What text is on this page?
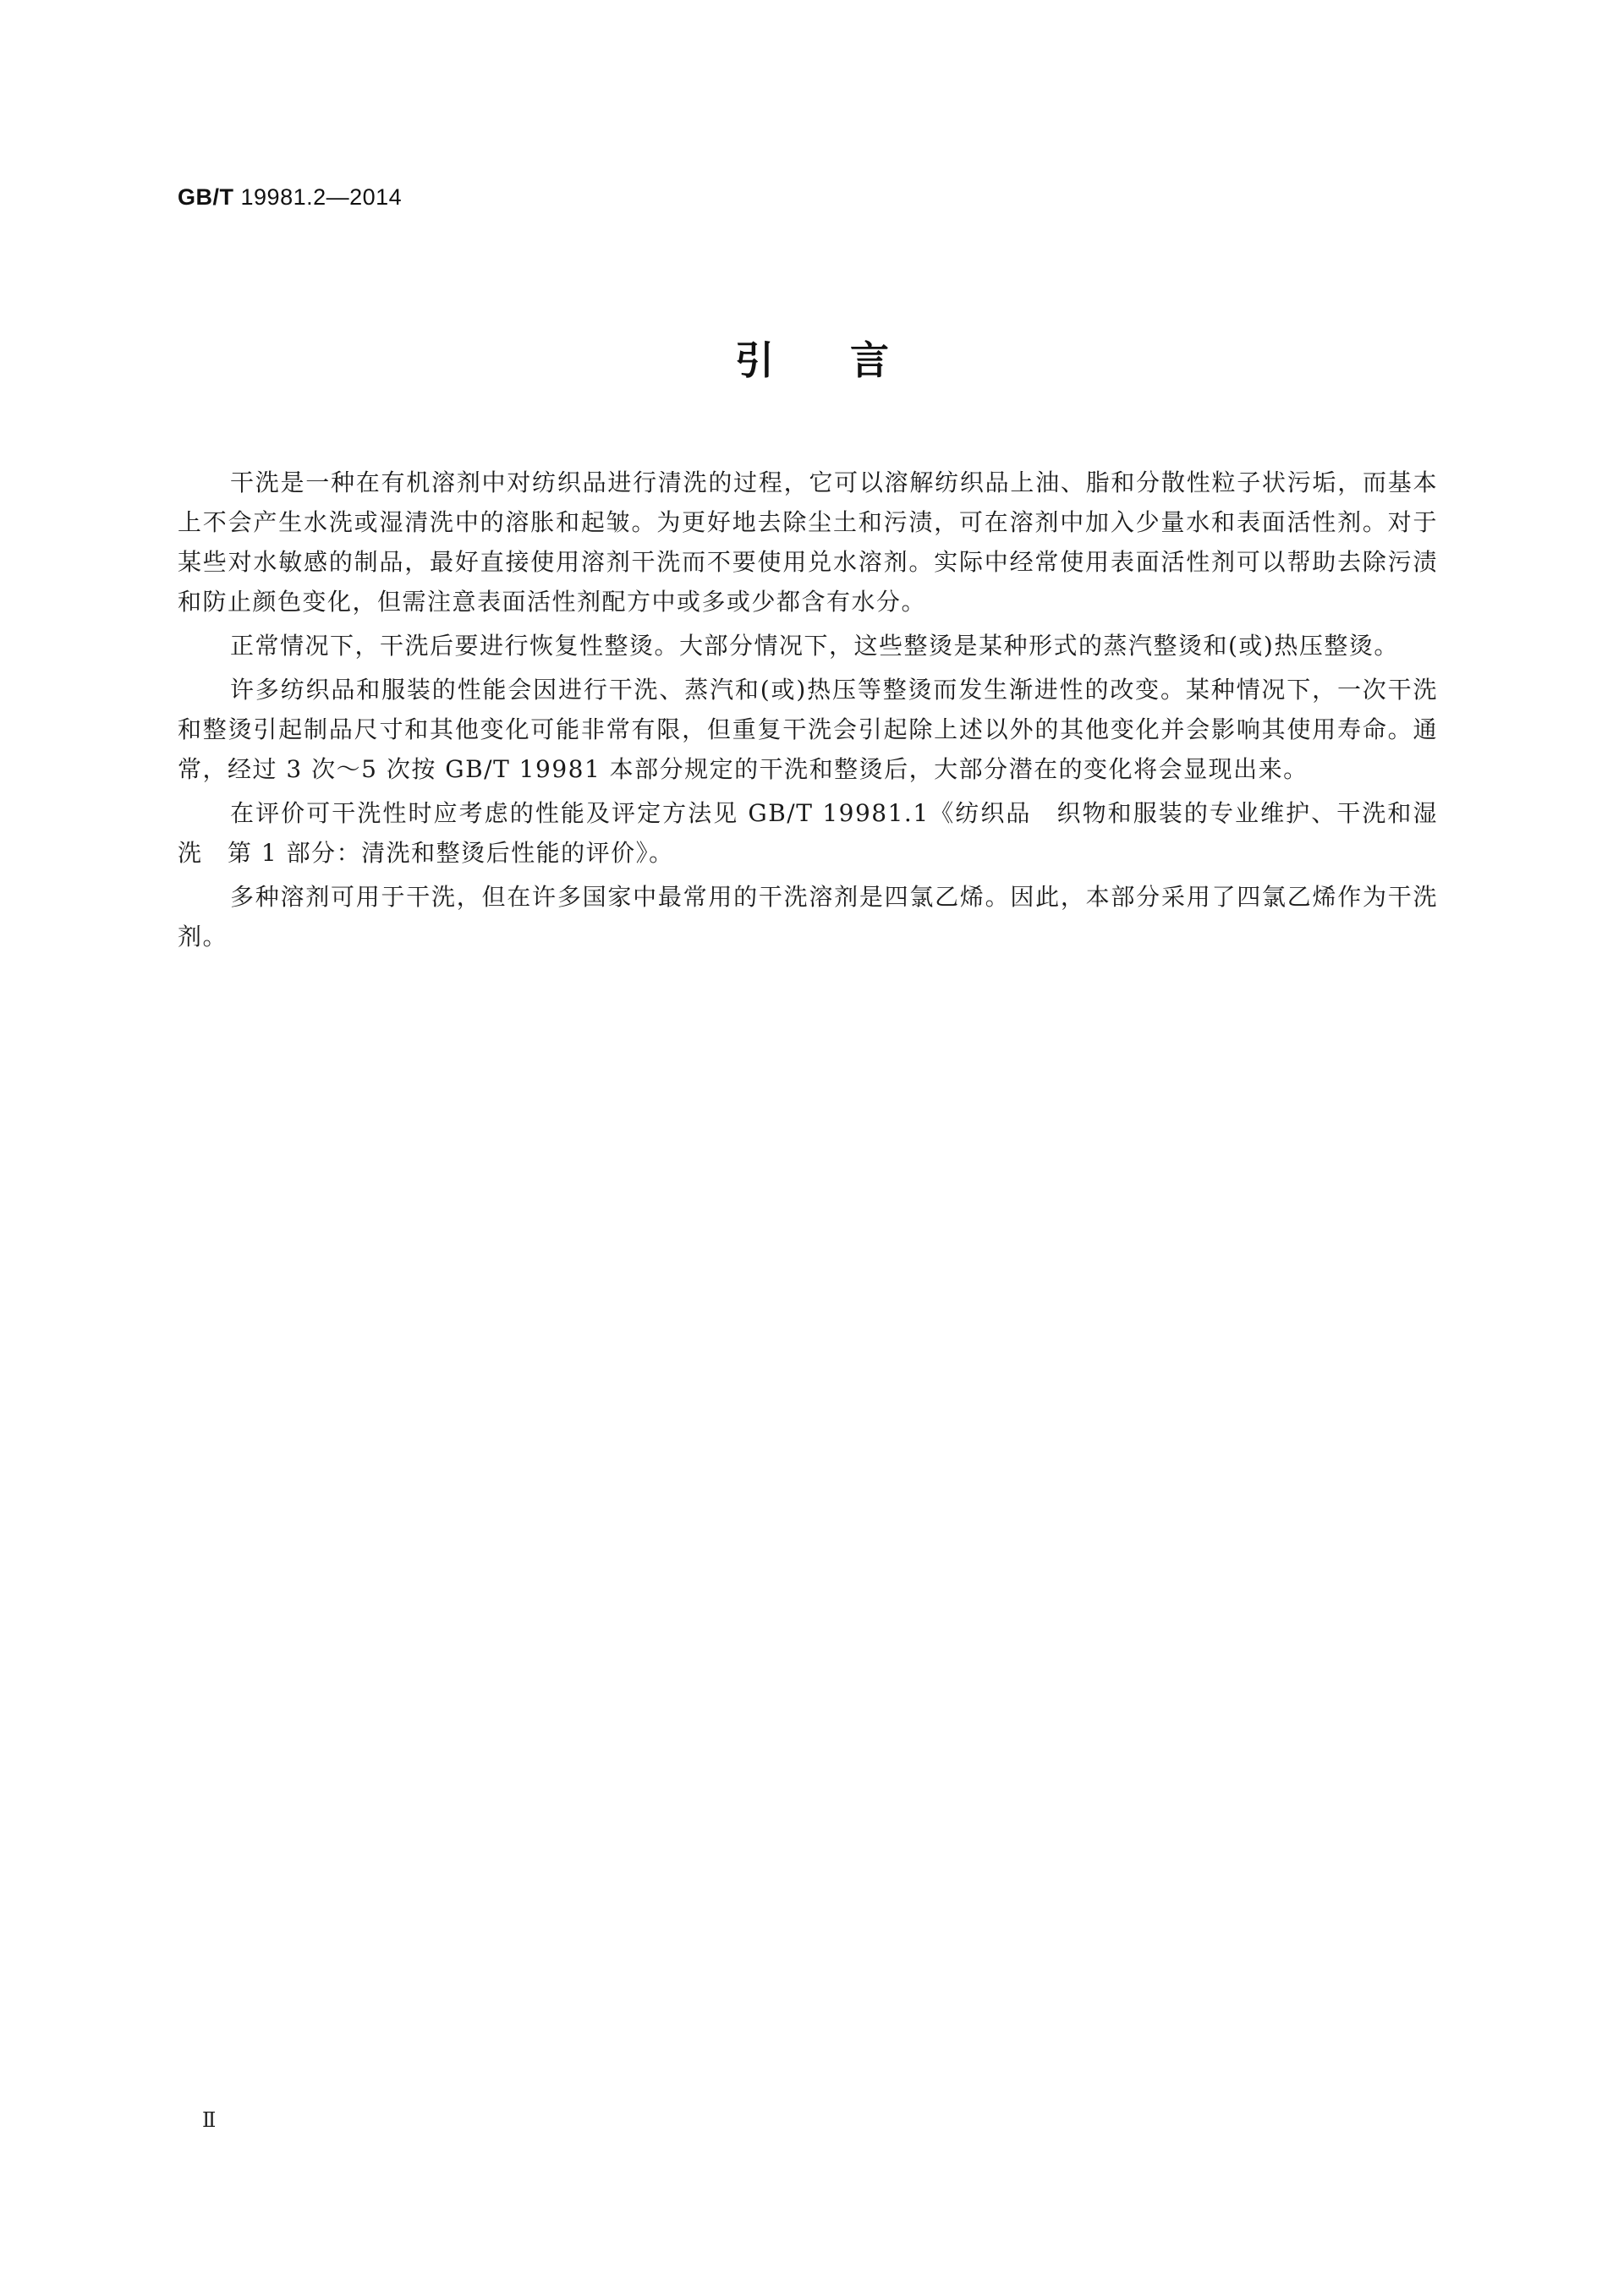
GB/T 19981.2—2014
引言

干洗是一种在有机溶剂中对纺织品进行清洗的过程，它可以溶解纺织品上油、脂和分散性粒子状污垢，而基本上不会产生水洗或湿清洗中的溶胀和起皱。为更好地去除尘土和污渍，可在溶剂中加入少量水和表面活性剂。对于某些对水敏感的制品，最好直接使用溶剂干洗而不要使用兑水溶剂。实际中经常使用表面活性剂可以帮助去除污渍和防止颜色变化，但需注意表面活性剂配方中或多或少都含有水分。

正常情况下，干洗后要进行恢复性整烫。大部分情况下，这些整烫是某种形式的蒸汽整烫和(或)热压整烫。

许多纺织品和服装的性能会因进行干洗、蒸汽和(或)热压等整烫而发生渐进性的改变。某种情况下，一次干洗和整烫引起制品尺寸和其他变化可能非常有限，但重复干洗会引起除上述以外的其他变化并会影响其使用寿命。通常，经过 3 次～5 次按 GB/T 19981 本部分规定的干洗和整烫后，大部分潜在的变化将会显现出来。

在评价可干洗性时应考虑的性能及评定方法见 GB/T 19981.1《纺织品　织物和服装的专业维护、干洗和湿洗　第 1 部分：清洗和整烫后性能的评价》。

多种溶剂可用于干洗，但在许多国家中最常用的干洗溶剂是四氯乙烯。因此，本部分采用了四氯乙烯作为干洗剂。

Ⅱ
